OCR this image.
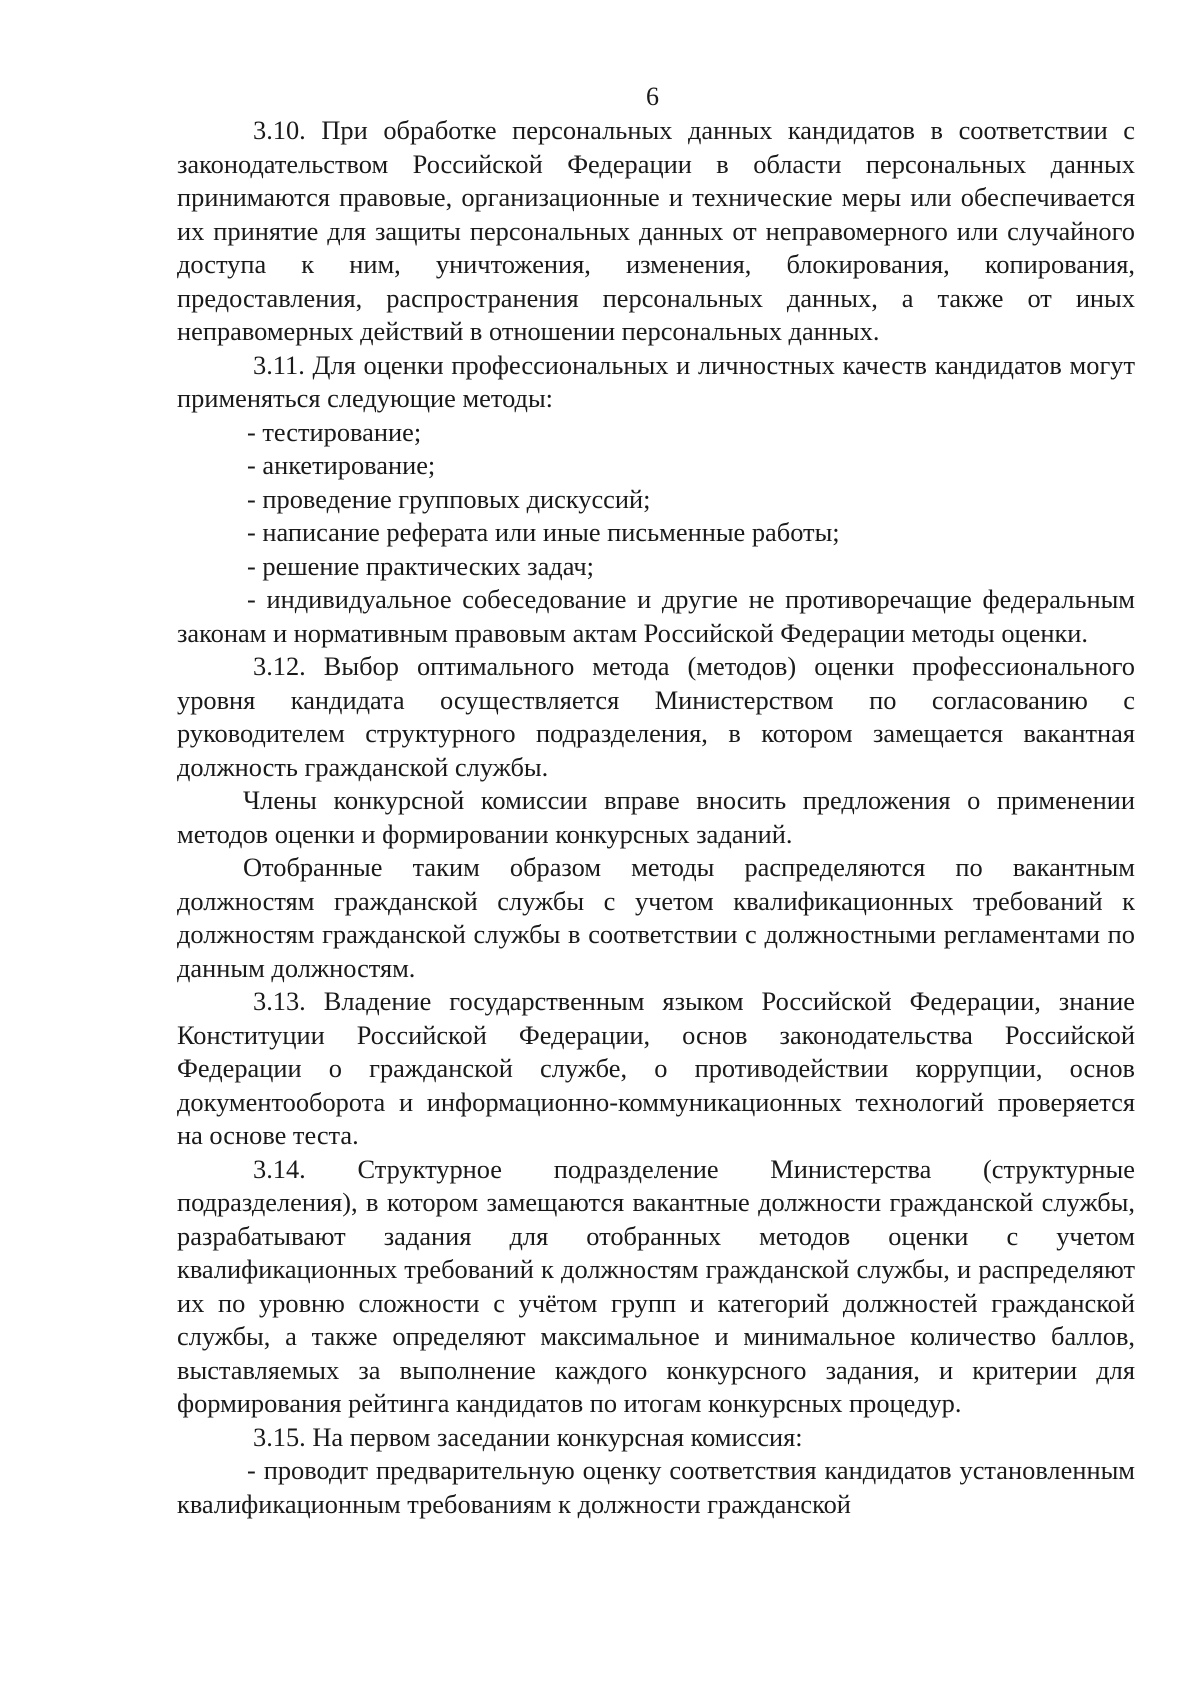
6

3.10. При обработке персональных данных кандидатов в соответствии с законодательством Российской Федерации в области персональных данных принимаются правовые, организационные и технические меры или обеспечивается их принятие для защиты персональных данных от неправомерного или случайного доступа к ним, уничтожения, изменения, блокирования, копирования, предоставления, распространения персональных данных, а также от иных неправомерных действий в отношении персональных данных.

3.11. Для оценки профессиональных и личностных качеств кандидатов могут применяться следующие методы:

- тестирование;

- анкетирование;

- проведение групповых дискуссий;

- написание реферата или иные письменные работы;

- решение практических задач;

- индивидуальное собеседование и другие не противоречащие федеральным законам и нормативным правовым актам Российской Федерации методы оценки.

3.12. Выбор оптимального метода (методов) оценки профессионального уровня кандидата осуществляется Министерством по согласованию с руководителем структурного подразделения, в котором замещается вакантная должность гражданской службы.

Члены конкурсной комиссии вправе вносить предложения о применении методов оценки и формировании конкурсных заданий.

Отобранные таким образом методы распределяются по вакантным должностям гражданской службы с учетом квалификационных требований к должностям гражданской службы в соответствии с должностными регламентами по данным должностям.

3.13. Владение государственным языком Российской Федерации, знание Конституции Российской Федерации, основ законодательства Российской Федерации о гражданской службе, о противодействии коррупции, основ документооборота и информационно-коммуникационных технологий проверяется на основе теста.

3.14. Структурное подразделение Министерства (структурные подразделения), в котором замещаются вакантные должности гражданской службы, разрабатывают задания для отобранных методов оценки с учетом квалификационных требований к должностям гражданской службы, и распределяют их по уровню сложности с учётом групп и категорий должностей гражданской службы, а также определяют максимальное и минимальное количество баллов, выставляемых за выполнение каждого конкурсного задания, и критерии для формирования рейтинга кандидатов по итогам конкурсных процедур.

3.15. На первом заседании конкурсная комиссия:

- проводит предварительную оценку соответствия кандидатов установленным квалификационным требованиям к должности гражданской
